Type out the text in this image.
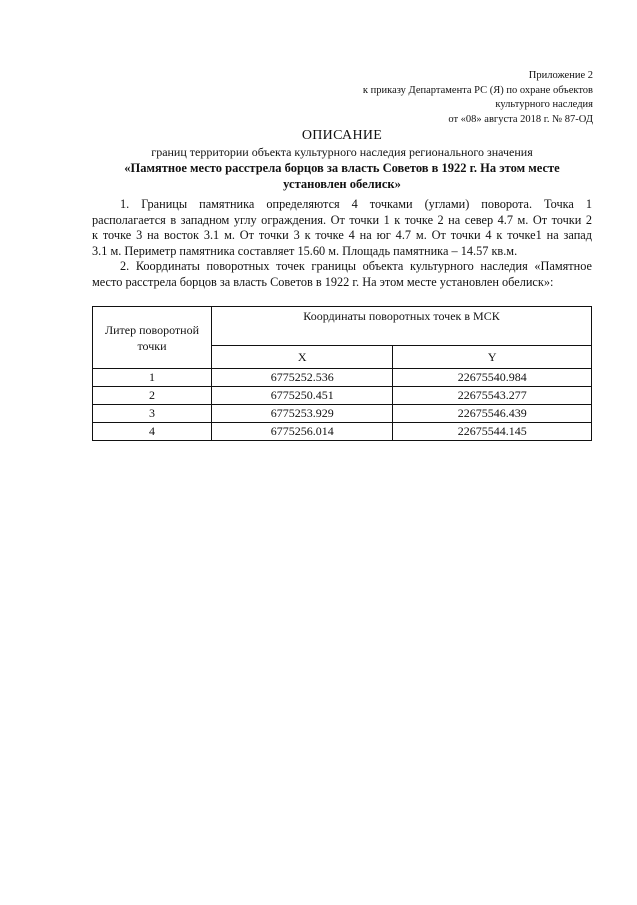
Приложение 2
к приказу Департамента РС (Я) по охране объектов
культурного наследия
от «08» августа 2018 г. № 87-ОД
ОПИСАНИЕ
границ территории объекта культурного наследия регионального значения
«Памятное место расстрела борцов за власть Советов в 1922 г. На этом месте
установлен обелиск»

1. Границы памятника определяются 4 точками (углами) поворота. Точка 1
располагается в западном углу ограждения. От точки 1 к точке 2 на север 4.7 м. От точки 2
к точке 3 на восток 3.1 м. От точки 3 к точке 4 на юг 4.7 м. От точки 4 к точке1 на запад
3.1 м. Периметр памятника составляет 15.60 м. Площадь памятника – 14.57 кв.м.

2. Координаты поворотных точек границы объекта культурного наследия «Памятное
место расстрела борцов за власть Советов в 1922 г. На этом месте установлен обелиск»:

Литер поворотной точки	Координаты поворотных точек в МСК	
	X	Y
1	6775252.536	22675540.984
2	6775250.451	22675543.277
3	6775253.929	22675546.439
4	6775256.014	22675544.145
